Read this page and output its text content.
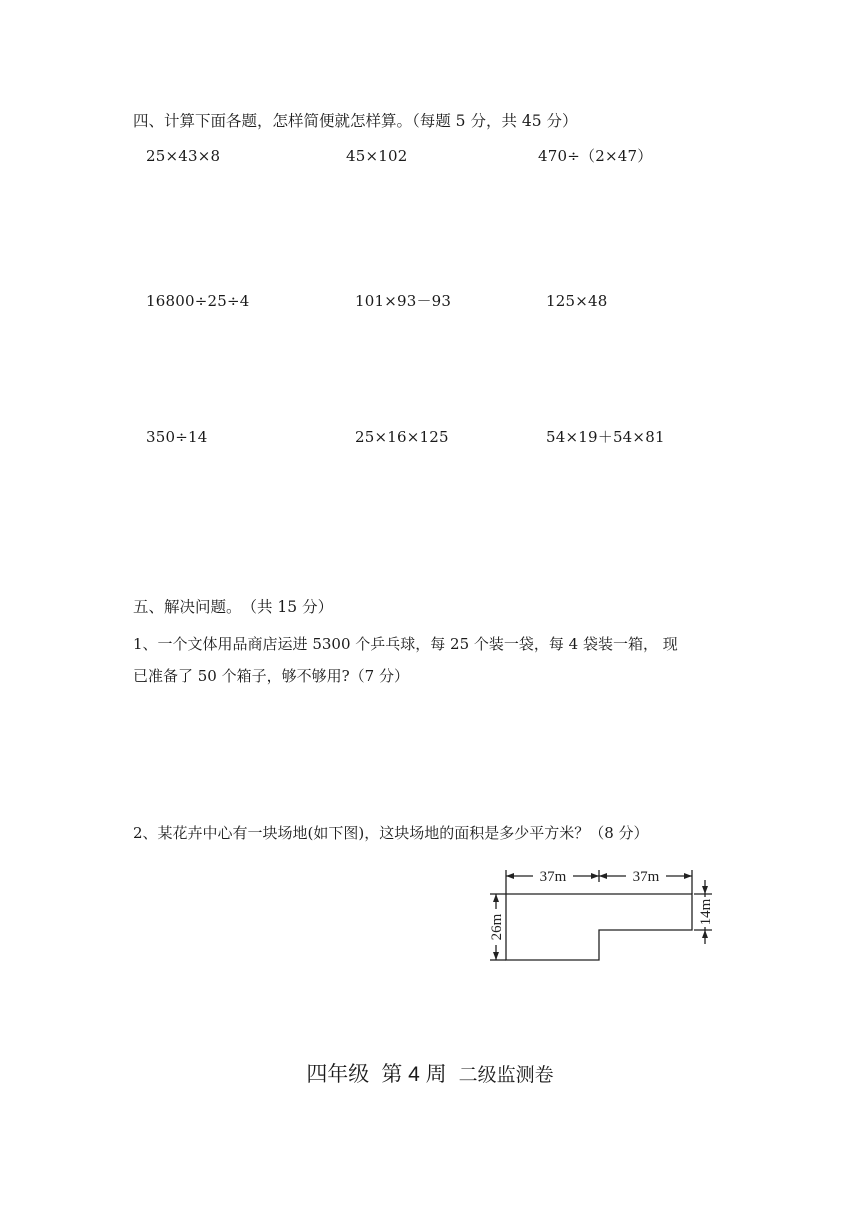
四、计算下面各题，怎样简便就怎样算。（每题 5 分，共 45 分）
25×43×8	45×102	470÷（2×47）
16800÷25÷4	101×93－93	125×48
350÷14	25×16×125	54×19＋54×81
五、解决问题。　（共 15 分）
1、一个文体用品商店运进 5300 个乒乓球，每 25 个装一袋，每 4 袋装一箱， 现
已准备了 50 个箱子，够不够用?（7 分）
2、某花卉中心有一块场地(如下图)，这块场地的面积是多少平方米？（8 分）
37m	37m
26m
14m
四年级 第 4 周 二级监测卷
